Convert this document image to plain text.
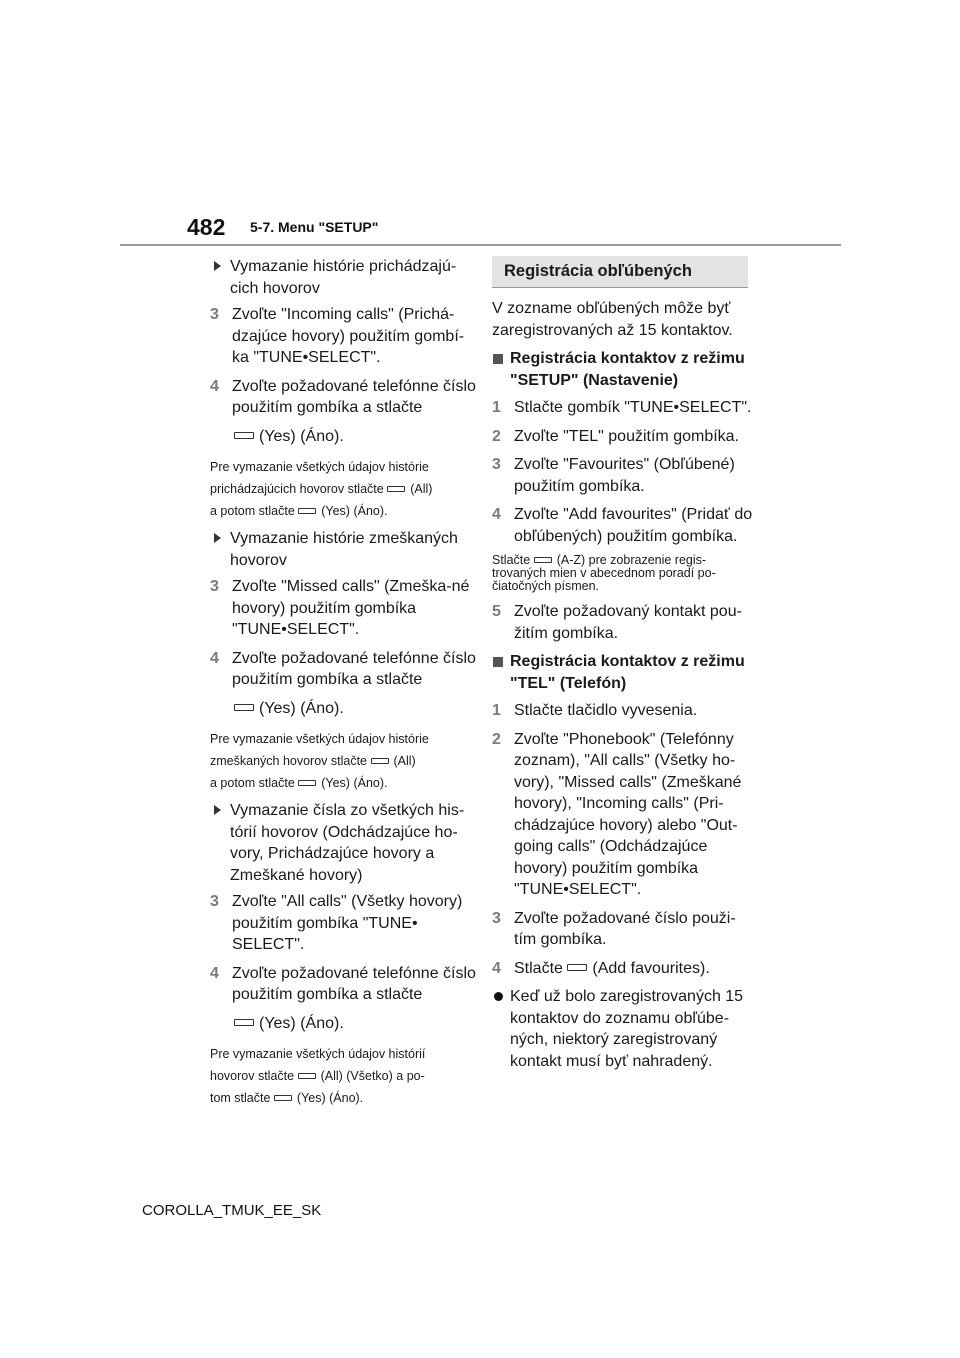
482 5-7. Menu "SETUP"
Vymazanie histórie prichádzajú-cich hovorov
3 Zvoľte "Incoming calls" (Prichá-dzajúce hovory) použitím gombí-ka "TUNE•SELECT".
4 Zvoľte požadované telefónne číslo použitím gombíka a stlačte
(Yes) (Áno).
Pre vymazanie všetkých údajov histórie
prichádzajúcich hovorov stlačte (All)
a potom stlačte (Yes) (Áno).
Vymazanie histórie zmeškaných hovorov
3 Zvoľte "Missed calls" (Zmeška-né hovory) použitím gombíka "TUNE•SELECT".
4 Zvoľte požadované telefónne číslo použitím gombíka a stlačte
(Yes) (Áno).
Pre vymazanie všetkých údajov histórie
zmeškaných hovorov stlačte (All)
a potom stlačte (Yes) (Áno).
Vymazanie čísla zo všetkých his-tórií hovorov (Odchádzajúce ho-vory, Prichádzajúce hovory a Zmeškané hovory)
3 Zvoľte "All calls" (Všetky hovory) použitím gombíka "TUNE• SELECT".
4 Zvoľte požadované telefónne číslo použitím gombíka a stlačte
(Yes) (Áno).
Pre vymazanie všetkých údajov histórií
hovorov stlačte (All) (Všetko) a po-
tom stlačte (Yes) (Áno).
Registrácia obľúbených
V zozname obľúbených môže byť zaregistrovaných až 15 kontaktov.
Registrácia kontaktov z režimu "SETUP" (Nastavenie)
1 Stlačte gombík "TUNE•SELECT".
2 Zvoľte "TEL" použitím gombíka.
3 Zvoľte "Favourites" (Obľúbené) použitím gombíka.
4 Zvoľte "Add favourites" (Pridať do obľúbených) použitím gombíka.
Stlačte (A-Z) pre zobrazenie regis-trovaných mien v abecednom poradí po-čiatočných písmen.
5 Zvoľte požadovaný kontakt pou-žitím gombíka.
Registrácia kontaktov z režimu "TEL" (Telefón)
1 Stlačte tlačidlo vyvesenia.
2 Zvoľte "Phonebook" (Telefónny zoznam), "All calls" (Všetky ho-vory), "Missed calls" (Zmeškané hovory), "Incoming calls" (Pri-chádzajúce hovory) alebo "Out-going calls" (Odchádzajúce hovory) použitím gombíka "TUNE•SELECT".
3 Zvoľte požadované číslo použi-tím gombíka.
4 Stlačte (Add favourites).
Keď už bolo zaregistrovaných 15 kontaktov do zoznamu obľúbe-ných, niektorý zaregistrovaný kontakt musí byť nahradený.
COROLLA_TMUK_EE_SK
